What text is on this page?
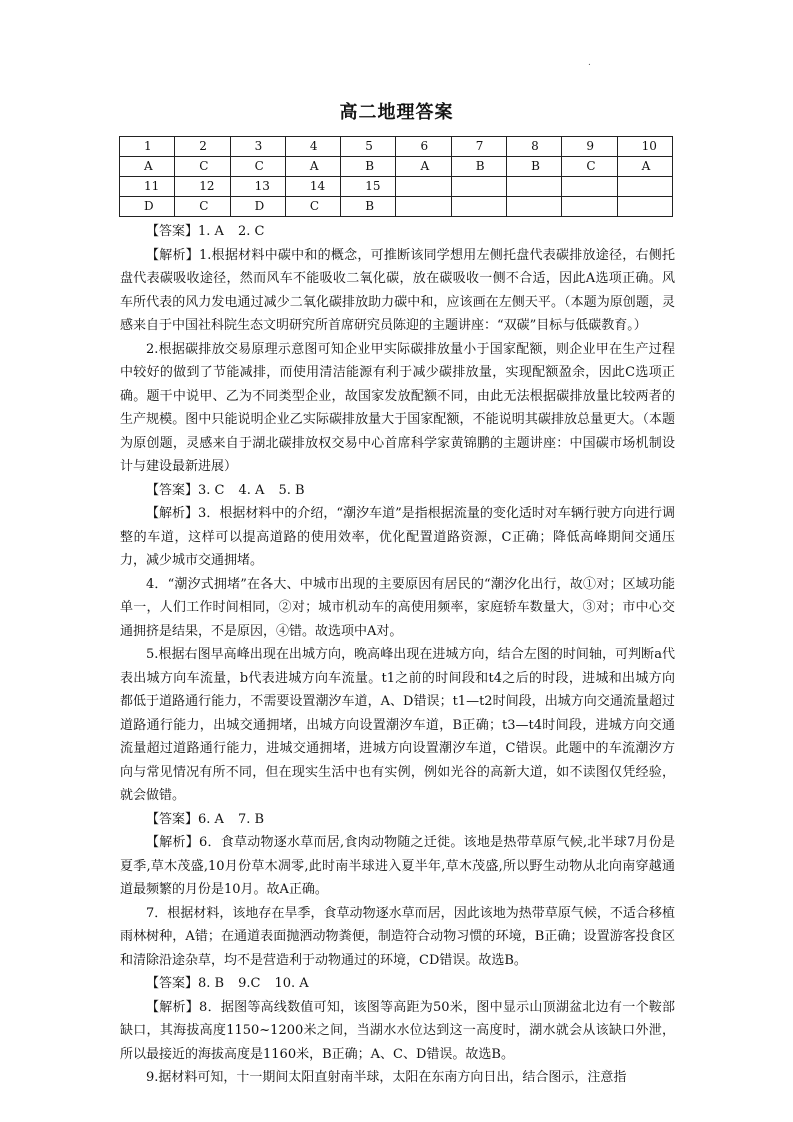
.
高二地理答案
1	2	3	4	5	6	7	8	9	10
A	C	C	A	B	A	B	B	C	A
11	12	13	14	15					
D	C	D	C	B					

【答案】1. A 2. C

【解析】1.根据材料中碳中和的概念，可推断该同学想用左侧托盘代表碳排放途径，右侧托盘代表碳吸收途径，然而风车不能吸收二氧化碳，放在碳吸收一侧不合适，因此A选项正确。风车所代表的风力发电通过减少二氧化碳排放助力碳中和，应该画在左侧天平。（本题为原创题，灵感来自于中国社科院生态文明研究所首席研究员陈迎的主题讲座：“双碳”目标与低碳教育。）

2.根据碳排放交易原理示意图可知企业甲实际碳排放量小于国家配额，则企业甲在生产过程中较好的做到了节能减排，而使用清洁能源有利于减少碳排放量，实现配额盈余，因此C选项正确。题干中说甲、乙为不同类型企业，故国家发放配额不同，由此无法根据碳排放量比较两者的生产规模。图中只能说明企业乙实际碳排放量大于国家配额，不能说明其碳排放总量更大。（本题为原创题，灵感来自于湖北碳排放权交易中心首席科学家黄锦鹏的主题讲座：中国碳市场机制设计与建设最新进展）

【答案】3. C 4. A 5. B

【解析】3．根据材料中的介绍，“潮汐车道”是指根据流量的变化适时对车辆行驶方向进行调整的车道，这样可以提高道路的使用效率，优化配置道路资源，C正确；降低高峰期间交通压力，减少城市交通拥堵。

4．“潮汐式拥堵”在各大、中城市出现的主要原因有居民的“潮汐化出行，故①对；区域功能单一，人们工作时间相同，②对；城市机动车的高使用频率，家庭轿车数量大，③对；市中心交通拥挤是结果，不是原因，④错。故选项中A对。

5.根据右图早高峰出现在出城方向，晚高峰出现在进城方向，结合左图的时间轴，可判断a代表出城方向车流量，b代表进城方向车流量。t1之前的时间段和t4之后的时段，进城和出城方向都低于道路通行能力，不需要设置潮汐车道，A、D错误；t1—t2时间段，出城方向交通流量超过道路通行能力，出城交通拥堵，出城方向设置潮汐车道，B正确；t3—t4时间段，进城方向交通流量超过道路通行能力，进城交通拥堵，进城方向设置潮汐车道，C错误。此题中的车流潮汐方向与常见情况有所不同，但在现实生活中也有实例，例如光谷的高新大道，如不读图仅凭经验，就会做错。

【答案】6. A 7. B

【解析】6．食草动物逐水草而居,食肉动物随之迁徙。该地是热带草原气候,北半球7月份是夏季,草木茂盛,10月份草木凋零,此时南半球进入夏半年,草木茂盛,所以野生动物从北向南穿越通道最频繁的月份是10月。故A正确。

7．根据材料，该地存在旱季，食草动物逐水草而居，因此该地为热带草原气候，不适合移植雨林树种，A错；在通道表面抛洒动物粪便，制造符合动物习惯的环境，B正确；设置游客投食区和清除沿途杂草，均不是营造利于动物通过的环境，CD错误。故选B。

【答案】8. B 9.C 10. A

【解析】8．据图等高线数值可知，该图等高距为50米，图中显示山顶湖盆北边有一个鞍部缺口，其海拔高度1150~1200米之间，当湖水水位达到这一高度时，湖水就会从该缺口外泄，所以最接近的海拔高度是1160米，B正确；A、C、D错误。故选B。

9.据材料可知，十一期间太阳直射南半球，太阳在东南方向日出，结合图示，注意指
